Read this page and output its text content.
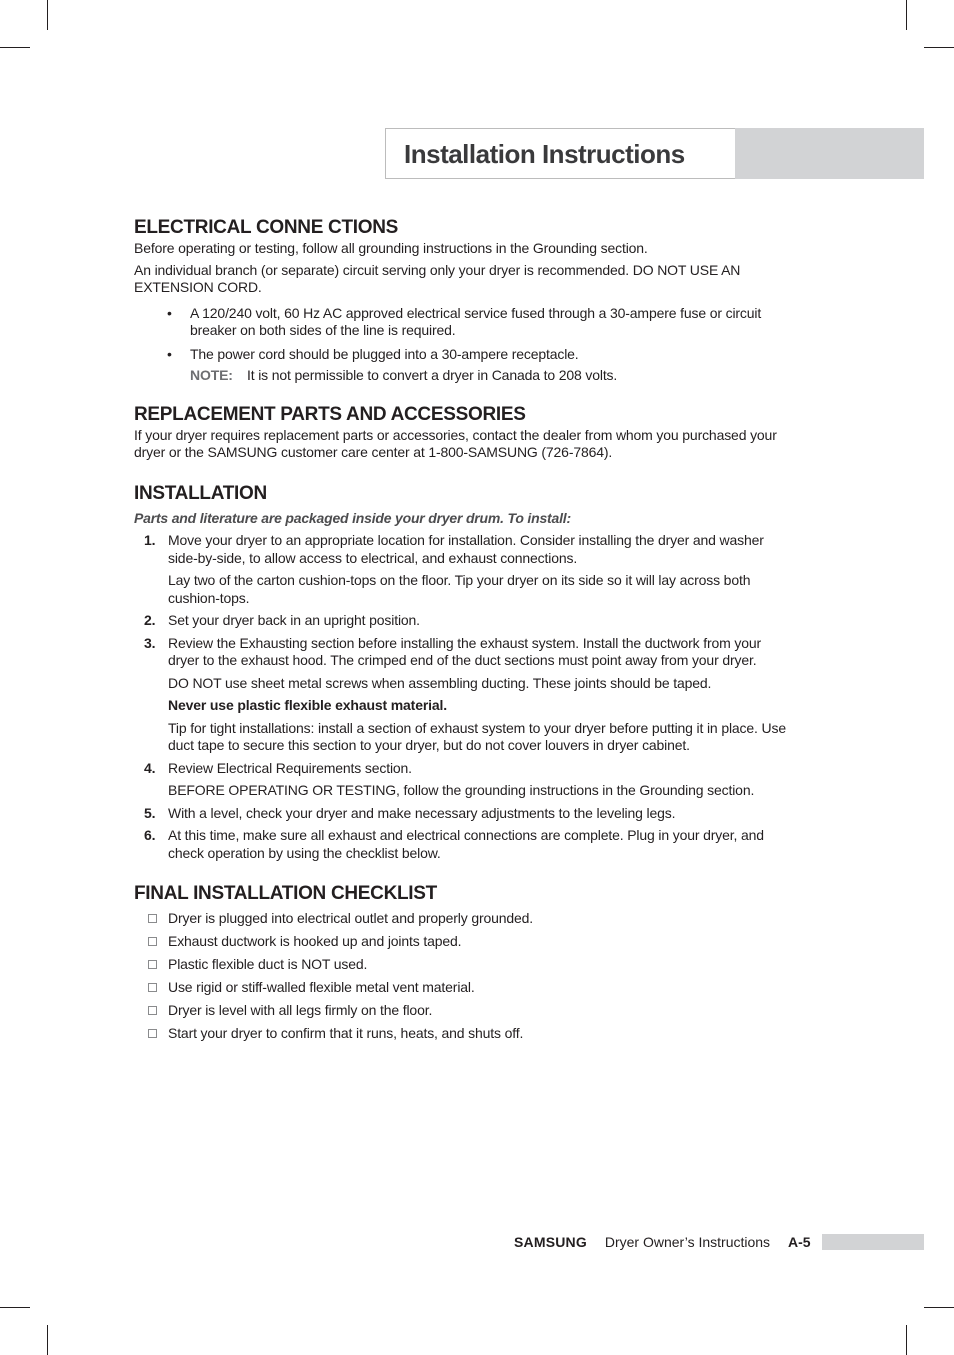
Installation Instructions
ELECTRICAL CONNE CTIONS

Before operating or testing, follow all grounding instructions in the Grounding section.

An individual branch (or separate) circuit serving only your dryer is recommended. DO NOT USE AN EXTENSION CORD.

• A 120/240 volt, 60 Hz AC approved electrical service fused through a 30-ampere fuse or circuit breaker on both sides of the line is required.
• The power cord should be plugged into a 30-ampere receptacle.
NOTE: It is not permissible to convert a dryer in Canada to 208 volts.
REPLACEMENT PARTS AND ACCESSORIES

If your dryer requires replacement parts or accessories, contact the dealer from whom you purchased your dryer or the SAMSUNG customer care center at 1-800-SAMSUNG (726-7864).

INSTALLATION
Parts and literature are packaged inside your dryer drum. To install:
1. Move your dryer to an appropriate location for installation. Consider installing the dryer and washer side-by-side, to allow access to electrical, and exhaust connections.
Lay two of the carton cushion-tops on the floor. Tip your dryer on its side so it will lay across both cushion-tops.
2. Set your dryer back in an upright position.
3. Review the Exhausting section before installing the exhaust system. Install the ductwork from your dryer to the exhaust hood. The crimped end of the duct sections must point away from your dryer.
DO NOT use sheet metal screws when assembling ducting. These joints should be taped.
Never use plastic flexible exhaust material.
Tip for tight installations: install a section of exhaust system to your dryer before putting it in place. Use duct tape to secure this section to your dryer, but do not cover louvers in dryer cabinet.
4. Review Electrical Requirements section.
BEFORE OPERATING OR TESTING, follow the grounding instructions in the Grounding section.
5. With a level, check your dryer and make necessary adjustments to the leveling legs.
6. At this time, make sure all exhaust and electrical connections are complete. Plug in your dryer, and check operation by using the checklist below.
FINAL INSTALLATION CHECKLIST
Dryer is plugged into electrical outlet and properly grounded.
Exhaust ductwork is hooked up and joints taped.
Plastic flexible duct is NOT used.
Use rigid or stiff-walled flexible metal vent material.
Dryer is level with all legs firmly on the floor.
Start your dryer to confirm that it runs, heats, and shuts off.
SAMSUNG Dryer Owner’s Instructions A-5
